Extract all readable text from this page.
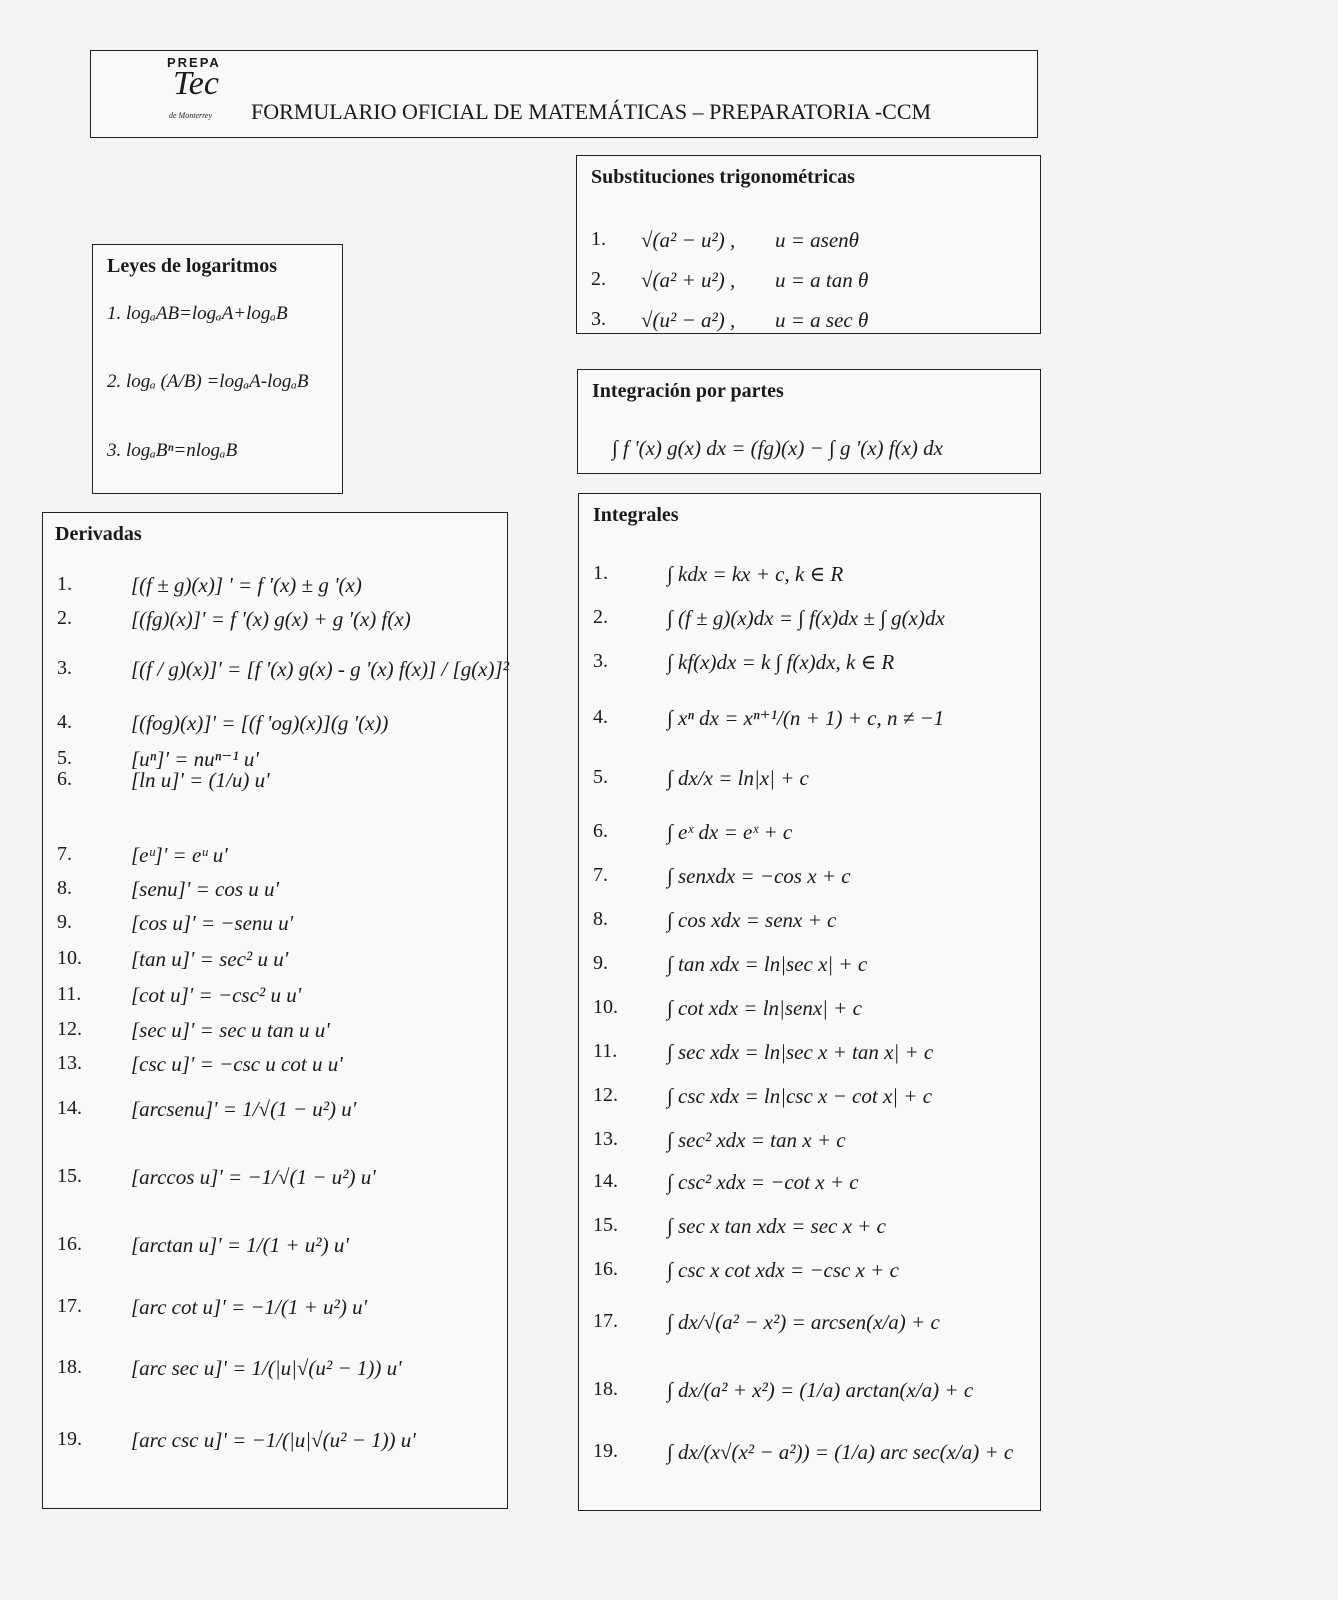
PREPA
Tec
de Monterrey FORMULARIO OFICIAL DE MATEMÁTICAS – PREPARATORIA -CCM
Leyes de logaritmos
1. logₐAB=logₐA+logₐB
2. logₐ (A/B) =logₐA-logₐB
3. logₐBⁿ=nlogₐB
Substituciones trigonométricas
1. √(a² − u²) , u = asenθ
2. √(a² + u²) , u = a tan θ
3. √(u² − a²) , u = a sec θ
Integración por partes
∫ f '(x) g(x) dx = (fg)(x) − ∫ g '(x) f(x) dx
Derivadas
1.	[(f ± g)(x)] ' = f '(x) ± g '(x)
2.	[(fg)(x)]' = f '(x) g(x) + g '(x) f(x)
3.	[(f / g)(x)]' = [f '(x) g(x) - g '(x) f(x)] / [g(x)]²
4.	[(fog)(x)]' = [(f 'og)(x)](g '(x))
5.	[uⁿ]' = nuⁿ⁻¹ u'
6.	[ln u]' = (1/u) u'
7.	[eᵘ]' = eᵘ u'
8.	[senu]' = cos u u'
9.	[cos u]' = −senu u'
10. [tan u]' = sec² u u'
11. [cot u]' = −csc² u u'
12. [sec u]' = sec u tan u u'
13. [csc u]' = −csc u cot u u'
14. [arcsenu]' = 1/√(1 − u²) u'
15. [arccos u]' = −1/√(1 − u²) u'
16. [arctan u]' = 1/(1 + u²) u'
17. [arc cot u]' = −1/(1 + u²) u'
18. [arc sec u]' = 1/(|u|√(u² − 1)) u'
19. [arc csc u]' = −1/(|u|√(u² − 1)) u'
Integrales
1.	∫ kdx = kx + c, k ∈ R
2.	∫ (f ± g)(x)dx = ∫ f(x)dx ± ∫ g(x)dx
3.	∫ kf(x)dx = k ∫ f(x)dx, k ∈ R
4.	∫ xⁿ dx = xⁿ⁺¹/(n + 1) + c, n ≠ −1
5.	∫ dx/x = ln|x| + c
6.	∫ eˣ dx = eˣ + c
7.	∫ senxdx = −cos x + c
8.	∫ cos xdx = senx + c
9.	∫ tan xdx = ln|sec x| + c
10. ∫ cot xdx = ln|senx| + c
11. ∫ sec xdx = ln|sec x + tan x| + c
12. ∫ csc xdx = ln|csc x − cot x| + c
13. ∫ sec² xdx = tan x + c
14. ∫ csc² xdx = −cot x + c
15. ∫ sec x tan xdx = sec x + c
16. ∫ csc x cot xdx = −csc x + c
17. ∫ dx/√(a² − x²) = arcsen(x/a) + c
18. ∫ dx/(a² + x²) = (1/a) arctan(x/a) + c
19. ∫ dx/(x√(x² − a²)) = (1/a) arc sec(x/a) + c
